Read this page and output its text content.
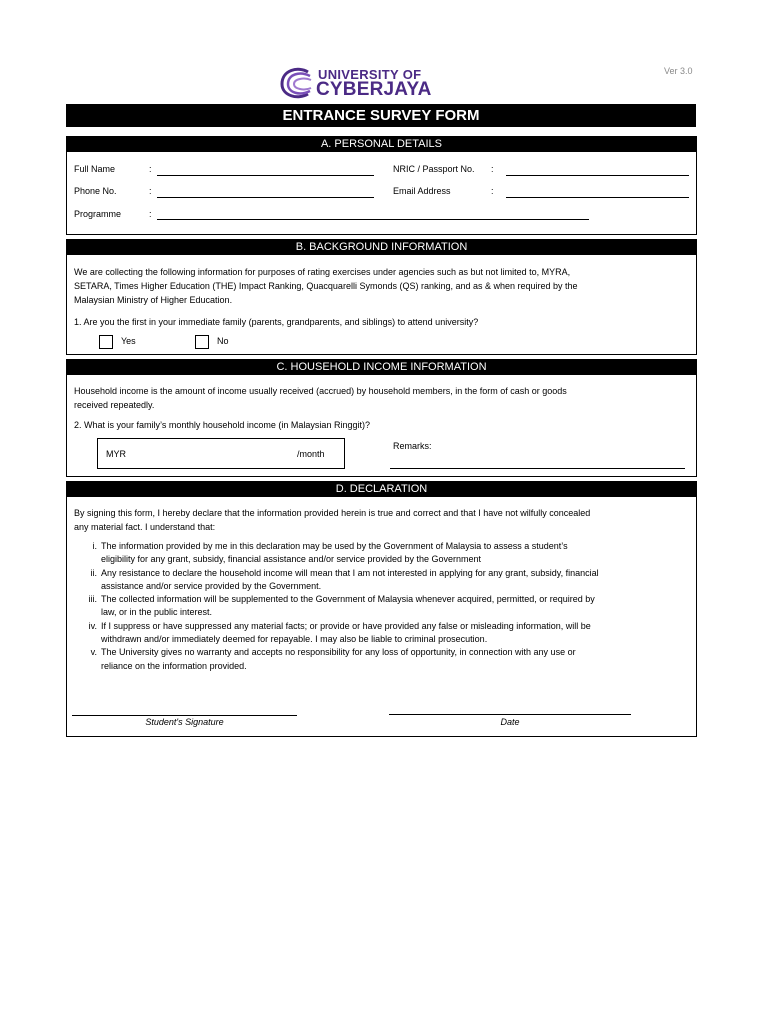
Ver 3.0
UNIVERSITY OF
CYBERJAYA
ENTRANCE SURVEY FORM
A. PERSONAL DETAILS
Full Name	:	NRIC / Passport No. :
Phone No.	:	Email Address	:
Programme	:
B. BACKGROUND INFORMATION
We are collecting the following information for purposes of rating exercises under agencies such as but not limited to, MYRA,
SETARA, Times Higher Education (THE) Impact Ranking, Quacquarelli Symonds (QS) ranking, and as & when required by the
Malaysian Ministry of Higher Education.
1. Are you the first in your immediate family (parents, grandparents, and siblings) to attend university?
Yes	No
C. HOUSEHOLD INCOME INFORMATION
Household income is the amount of income usually received (accrued) by household members, in the form of cash or goods
received repeatedly.
2. What is your family’s monthly household income (in Malaysian Ringgit)?
MYR	/month
Remarks:
D. DECLARATION
By signing this form, I hereby declare that the information provided herein is true and correct and that I have not wilfully concealed
any material fact. I understand that:
i. The information provided by me in this declaration may be used by the Government of Malaysia to assess a student’s
eligibility for any grant, subsidy, financial assistance and/or service provided by the Government
ii. Any resistance to declare the household income will mean that I am not interested in applying for any grant, subsidy, financial
assistance and/or service provided by the Government.
iii. The collected information will be supplemented to the Government of Malaysia whenever acquired, permitted, or required by
law, or in the public interest.
iv. If I suppress or have suppressed any material facts; or provide or have provided any false or misleading information, will be
withdrawn and/or immediately deemed for repayable. I may also be liable to criminal prosecution.
v. The University gives no warranty and accepts no responsibility for any loss of opportunity, in connection with any use or
reliance on the information provided.
Student's Signature	Date
